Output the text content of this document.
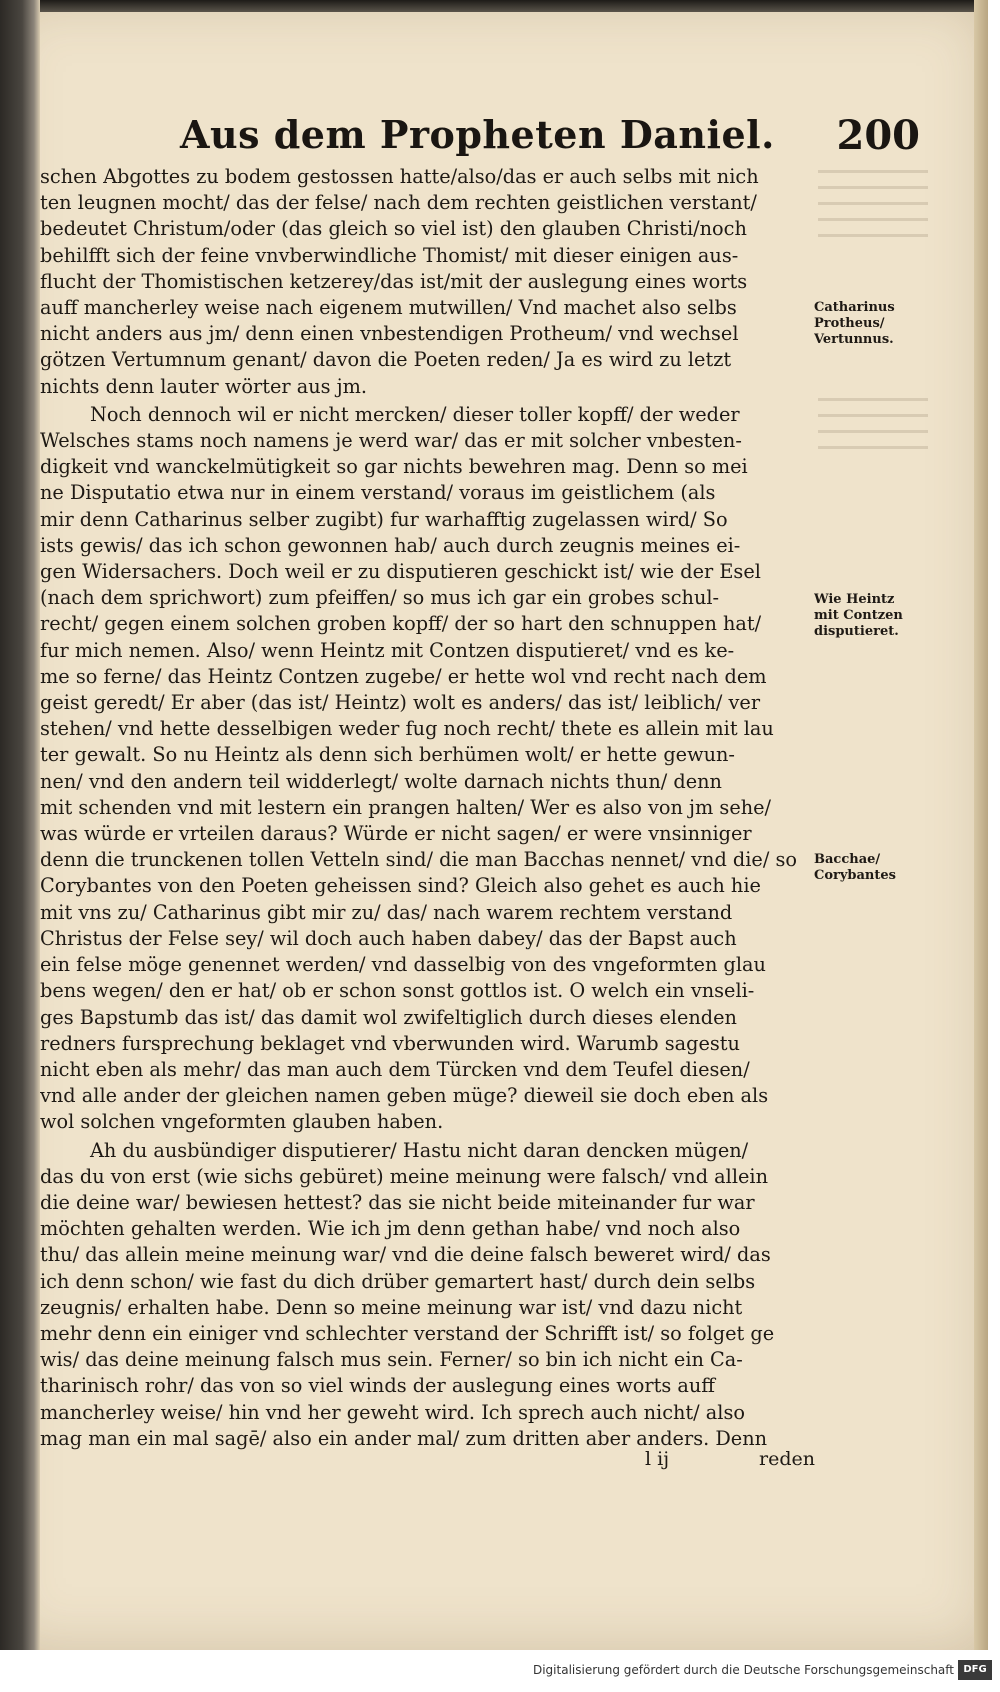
Aus dem Propheten Daniel. 200
schen Abgottes zu bodem gestossen hatte/also/das er auch selbs mit nich
ten leugnen mocht/ das der felse/ nach dem rechten geistlichen verstant/
bedeutet Christum/oder (das gleich so viel ist) den glauben Christi/noch
behilfft sich der feine vnvberwindliche Thomist/ mit dieser einigen aus-
flucht der Thomistischen ketzerey/das ist/mit der auslegung eines worts
auff mancherley weise nach eigenem mutwillen/ Vnd machet also selbs
nicht anders aus jm/ denn einen vnbestendigen Protheum/ vnd wechsel
götzen Vertumnum genant/ davon die Poeten reden/ Ja es wird zu letzt
nichts denn lauter wörter aus jm.
Noch dennoch wil er nicht mercken/ dieser toller kopff/ der weder
Welsches stams noch namens je werd war/ das er mit solcher vnbesten-
digkeit vnd wanckelmütigkeit so gar nichts bewehren mag. Denn so mei
ne Disputatio etwa nur in einem verstand/ voraus im geistlichem (als
mir denn Catharinus selber zugibt) fur warhafftig zugelassen wird/ So
ists gewis/ das ich schon gewonnen hab/ auch durch zeugnis meines ei-
gen Widersachers. Doch weil er zu disputieren geschickt ist/ wie der Esel
(nach dem sprichwort) zum pfeiffen/ so mus ich gar ein grobes schul-
recht/ gegen einem solchen groben kopff/ der so hart den schnuppen hat/
fur mich nemen. Also/ wenn Heintz mit Contzen disputieret/ vnd es ke-
me so ferne/ das Heintz Contzen zugebe/ er hette wol vnd recht nach dem
geist geredt/ Er aber (das ist/ Heintz) wolt es anders/ das ist/ leiblich/ ver
stehen/ vnd hette desselbigen weder fug noch recht/ thete es allein mit lau
ter gewalt. So nu Heintz als denn sich berhümen wolt/ er hette gewun-
nen/ vnd den andern teil widderlegt/ wolte darnach nichts thun/ denn
mit schenden vnd mit lestern ein prangen halten/ Wer es also von jm sehe/
was würde er vrteilen daraus? Würde er nicht sagen/ er were vnsinniger
denn die trunckenen tollen Vetteln sind/ die man Bacchas nennet/ vnd die/ so
Corybantes von den Poeten geheissen sind? Gleich also gehet es auch hie
mit vns zu/ Catharinus gibt mir zu/ das/ nach warem rechtem verstand
Christus der Felse sey/ wil doch auch haben dabey/ das der Bapst auch
ein felse möge genennet werden/ vnd dasselbig von des vngeformten glau
bens wegen/ den er hat/ ob er schon sonst gottlos ist. O welch ein vnseli-
ges Bapstumb das ist/ das damit wol zwifeltiglich durch dieses elenden
redners fursprechung beklaget vnd vberwunden wird. Warumb sagestu
nicht eben als mehr/ das man auch dem Türcken vnd dem Teufel diesen/
vnd alle ander der gleichen namen geben müge? dieweil sie doch eben als
wol solchen vngeformten glauben haben.
Ah du ausbündiger disputierer/ Hastu nicht daran dencken mügen/
das du von erst (wie sichs gebüret) meine meinung were falsch/ vnd allein
die deine war/ bewiesen hettest? das sie nicht beide miteinander fur war
möchten gehalten werden. Wie ich jm denn gethan habe/ vnd noch also
thu/ das allein meine meinung war/ vnd die deine falsch beweret wird/ das
ich denn schon/ wie fast du dich drüber gemartert hast/ durch dein selbs
zeugnis/ erhalten habe. Denn so meine meinung war ist/ vnd dazu nicht
mehr denn ein einiger vnd schlechter verstand der Schrifft ist/ so folget ge
wis/ das deine meinung falsch mus sein. Ferner/ so bin ich nicht ein Ca-
tharinisch rohr/ das von so viel winds der auslegung eines worts auff
mancherley weise/ hin vnd her geweht wird. Ich sprech auch nicht/ also
mag man ein mal sagē/ also ein ander mal/ zum dritten aber anders. Denn
Catharinus
Protheus/
Vertunnus.
Wie Heintz
mit Contzen
disputieret.
Bacchae/
Corybantes
l ij	reden
Digitalisierung gefördert durch die Deutsche Forschungsgemeinschaft DFG
